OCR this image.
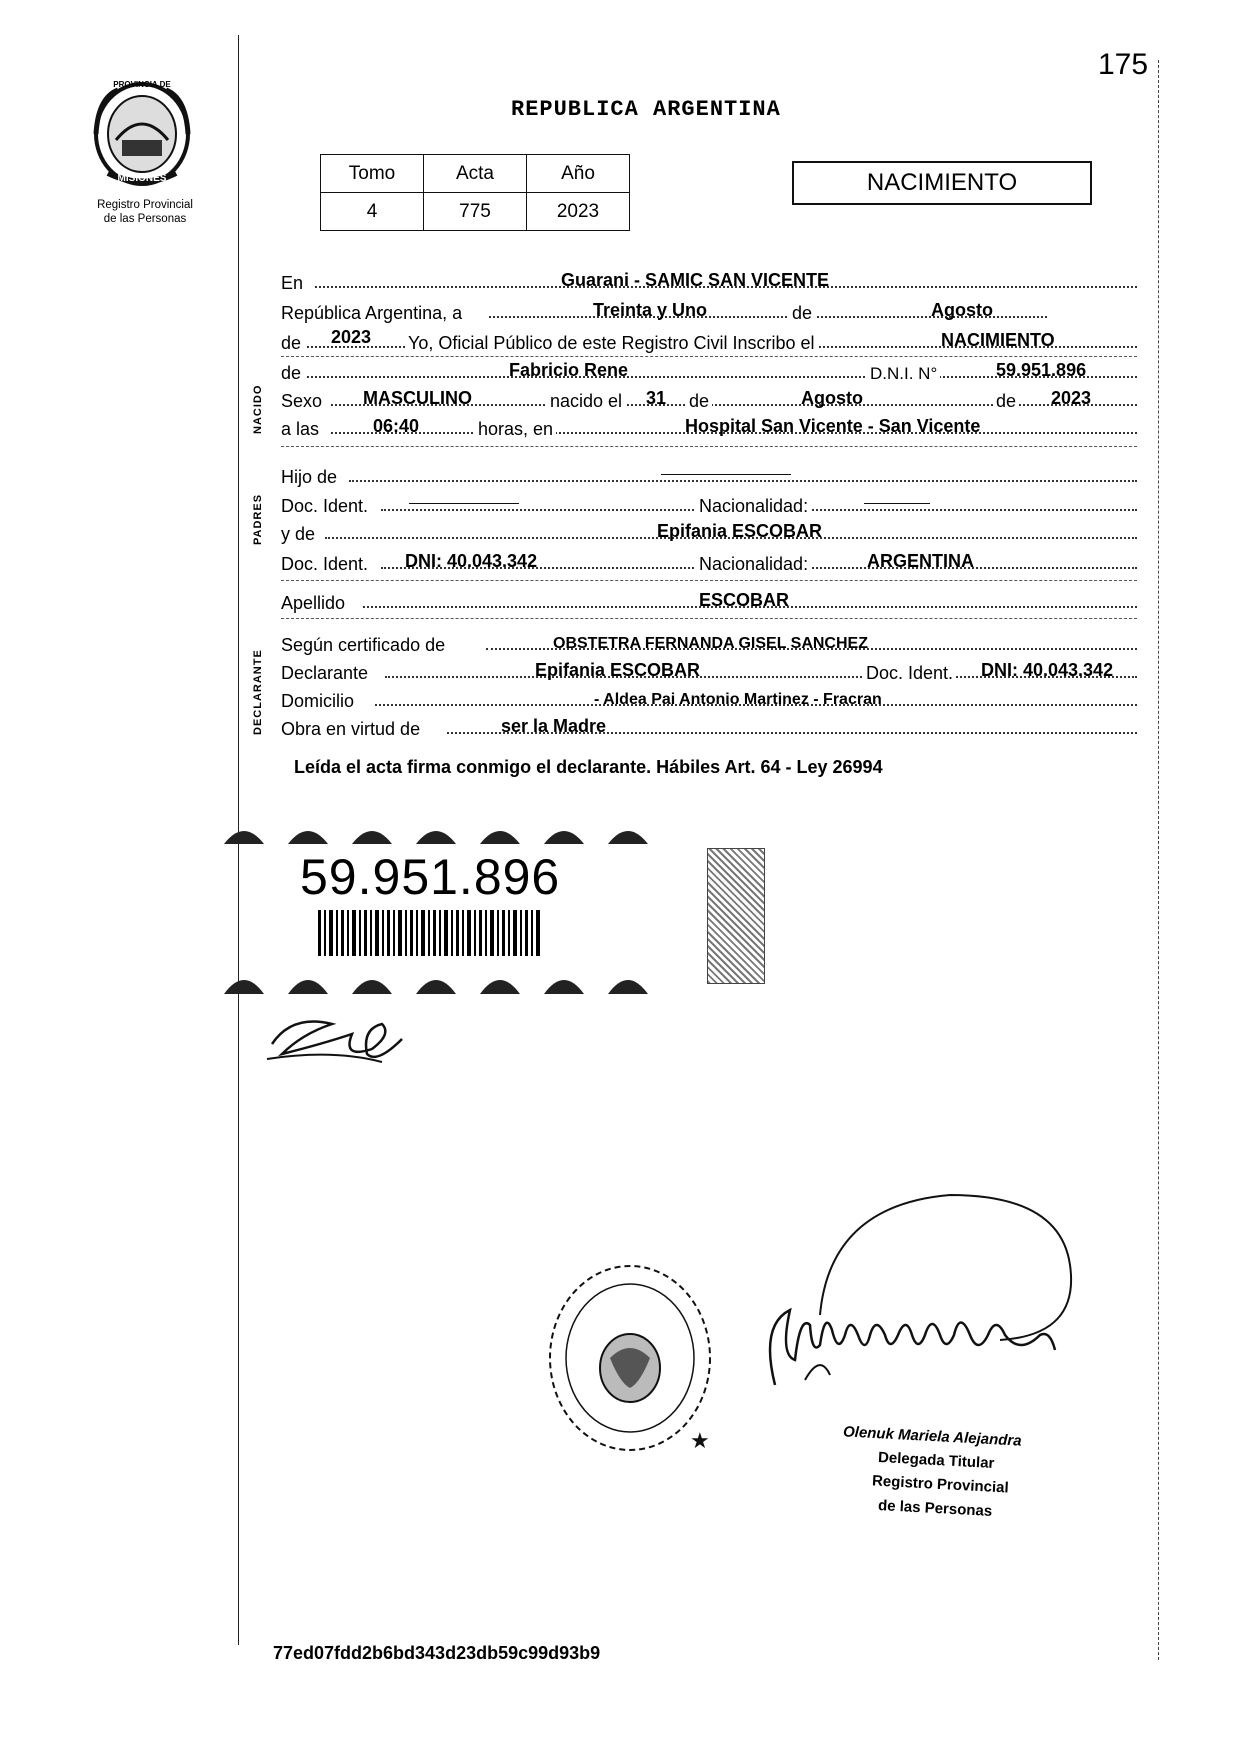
175
PROVINCIA DE
MISIONES
Registro Provincial
de las Personas
REPUBLICA ARGENTINA
Tomo	Acta	Año
4	775	2023
NACIMIENTO
En	Guarani - SAMIC SAN VICENTE
República Argentina, a	Treinta y Uno	de	Agosto
de 2023 Yo, Oficial Público de este Registro Civil Inscribo el	NACIMIENTO
NACIDO
de	Fabricio Rene	D.N.I. N°	59.951.896
Sexo MASCULINO	nacido el 31 de	Agosto	de 2023
a las	06:40	horas, en	Hospital San Vicente - San Vicente
PADRES
Hijo de
Doc. Ident.	Nacionalidad:
y de	Epifania ESCOBAR
Doc. Ident. DNI: 40.043.342	Nacionalidad:	ARGENTINA
Apellido	ESCOBAR
DECLARANTE
Según certificado de	OBSTETRA FERNANDA GISEL SANCHEZ
Declarante	Epifania ESCOBAR	Doc. Ident. DNI: 40.043.342
Domicilio	- Aldea Pai Antonio Martinez - Fracran
Obra en virtud de	ser la Madre
Leída el acta firma conmigo el declarante. Hábiles Art. 64 - Ley 26994
59.951.896
★	Olenuk Mariela Alejandra
Delegada Titular
Registro Provincial
de las Personas
77ed07fdd2b6bd343d23db59c99d93b9
